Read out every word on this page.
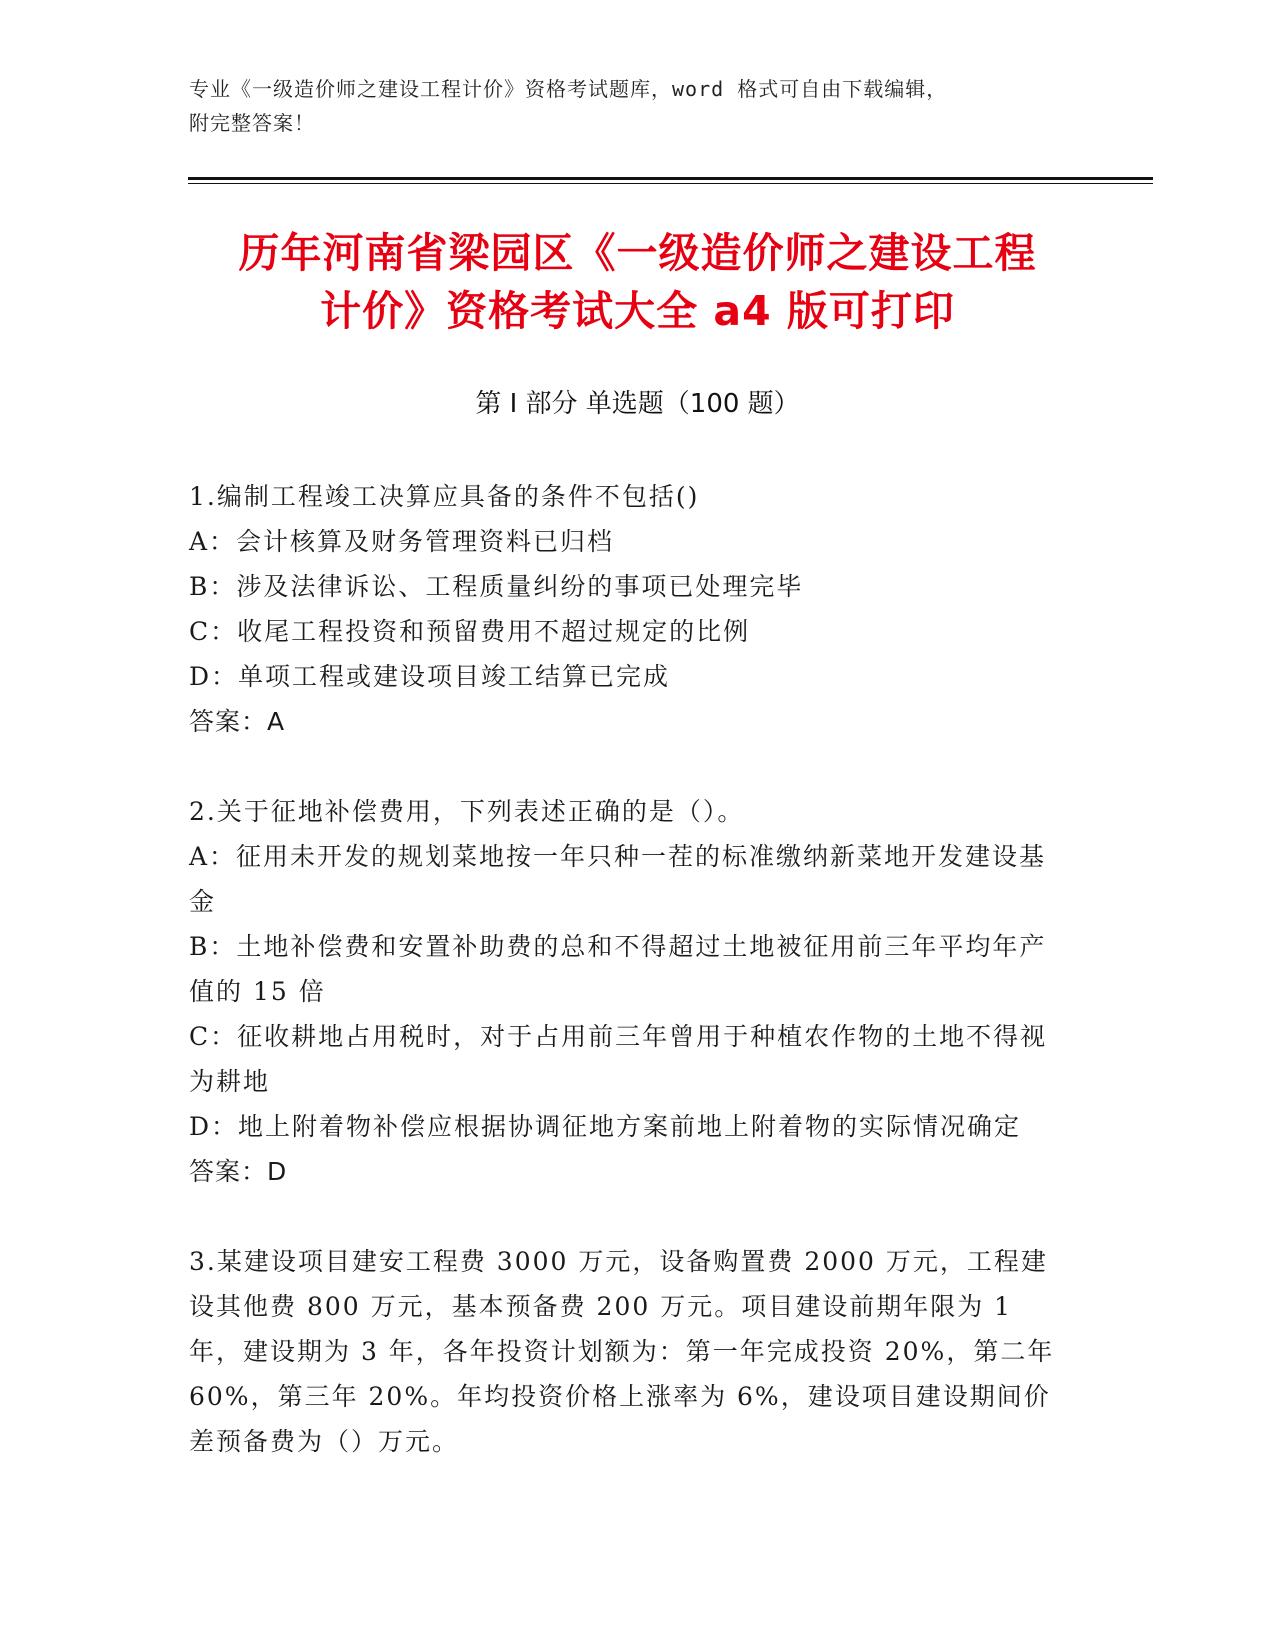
专业《一级造价师之建设工程计价》资格考试题库，word 格式可自由下载编辑，
附完整答案！
历年河南省梁园区《一级造价师之建设工程
计价》资格考试大全 a4 版可打印
第 I 部分 单选题（100 题）

1.编制工程竣工决算应具备的条件不包括()

A：会计核算及财务管理资料已归档

B：涉及法律诉讼、工程质量纠纷的事项已处理完毕

C：收尾工程投资和预留费用不超过规定的比例

D：单项工程或建设项目竣工结算已完成

答案：A

2.关于征地补偿费用，下列表述正确的是（）。

A：征用未开发的规划菜地按一年只种一茬的标准缴纳新菜地开发建设基金

B：土地补偿费和安置补助费的总和不得超过土地被征用前三年平均年产值的 15 倍

C：征收耕地占用税时，对于占用前三年曾用于种植农作物的土地不得视为耕地

D：地上附着物补偿应根据协调征地方案前地上附着物的实际情况确定

答案：D

3.某建设项目建安工程费 3000 万元，设备购置费 2000 万元，工程建设其他费 800 万元，基本预备费 200 万元。项目建设前期年限为 1 年，建设期为 3 年，各年投资计划额为：第一年完成投资 20%，第二年 60%，第三年 20%。年均投资价格上涨率为 6%，建设项目建设期间价差预备费为（）万元。
